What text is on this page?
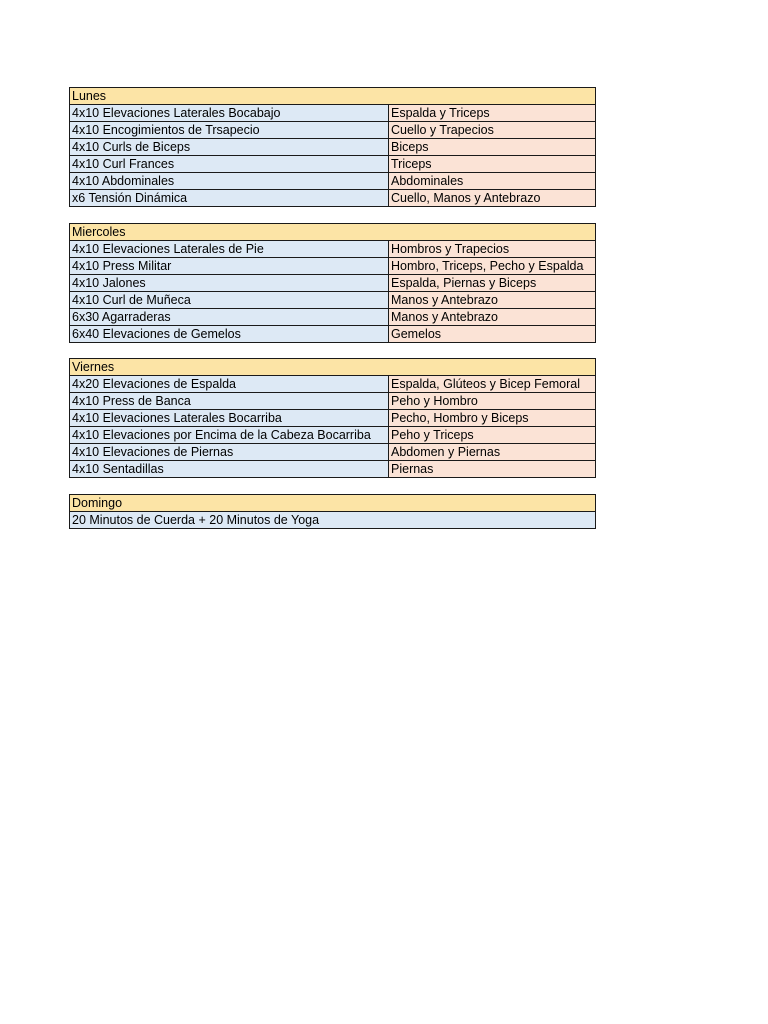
Lunes	
4x10 Elevaciones Laterales Bocabajo	Espalda y Triceps
4x10 Encogimientos de Trsapecio	Cuello y Trapecios
4x10 Curls de Biceps	Biceps
4x10 Curl Frances	Triceps
4x10 Abdominales	Abdominales
x6 Tensión Dinámica	Cuello, Manos y Antebrazo
Miercoles	
4x10 Elevaciones Laterales de Pie	Hombros y Trapecios
4x10 Press Militar	Hombro, Triceps, Pecho y Espalda
4x10 Jalones	Espalda, Piernas y Biceps
4x10 Curl de Muñeca	Manos y Antebrazo
6x30 Agarraderas	Manos y Antebrazo
6x40 Elevaciones de Gemelos	Gemelos
Viernes	
4x20 Elevaciones de Espalda	Espalda, Glúteos y Bicep Femoral
4x10 Press de Banca	Peho y Hombro
4x10 Elevaciones Laterales Bocarriba	Pecho, Hombro y Biceps
4x10 Elevaciones por Encima de la Cabeza Bocarriba	Peho y Triceps
4x10 Elevaciones de Piernas	Abdomen y Piernas
4x10 Sentadillas	Piernas
Domingo
20 Minutos de Cuerda + 20 Minutos de Yoga
